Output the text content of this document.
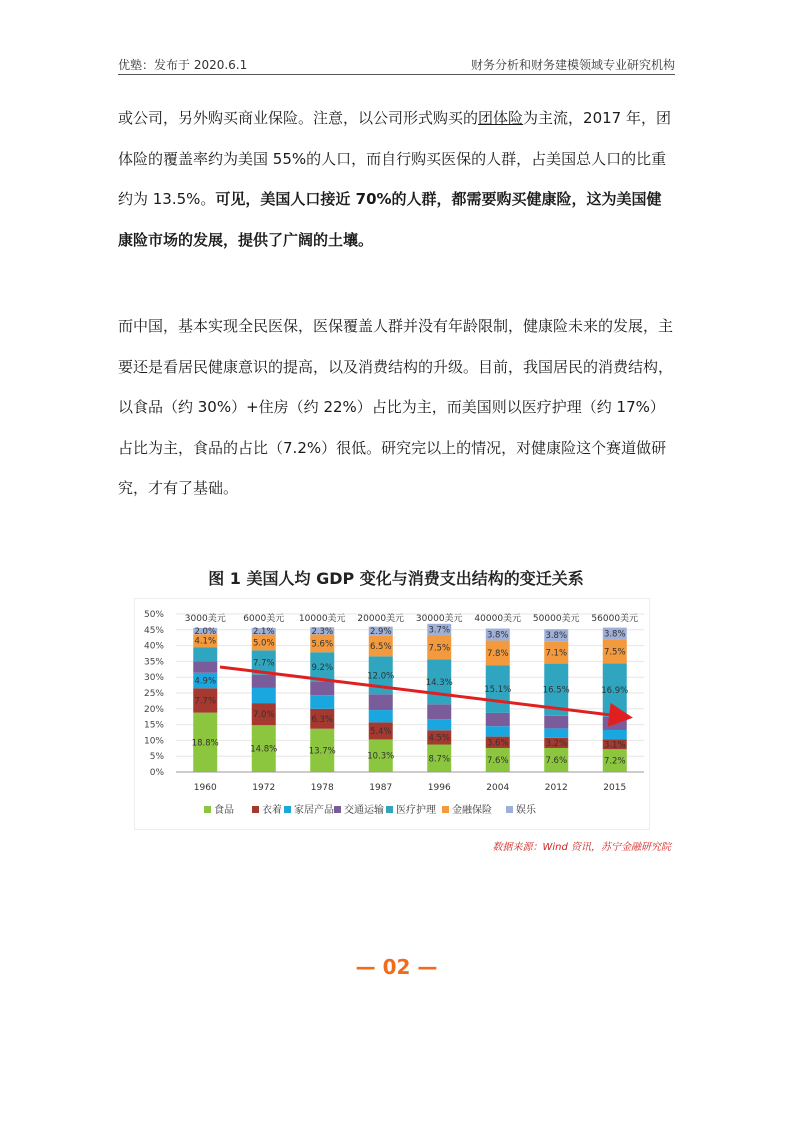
优塾：发布于 2020.6.1	财务分析和财务建模领域专业研究机构

或公司，另外购买商业保险。注意，以公司形式购买的团体险为主流，2017 年，团体险的覆盖率约为美国 55%的人口，而自行购买医保的人群，占美国总人口的比重约为 13.5%。可见，美国人口接近 70%的人群，都需要购买健康险，这为美国健康险市场的发展，提供了广阔的土壤。

而中国，基本实现全民医保，医保覆盖人群并没有年龄限制，健康险未来的发展，主要还是看居民健康意识的提高，以及消费结构的升级。目前，我国居民的消费结构，以食品（约 30%）+住房（约 22%）占比为主，而美国则以医疗护理（约 17%）占比为主，食品的占比（7.2%）很低。研究完以上的情况，对健康险这个赛道做研究，才有了基础。

图 1 美国人均 GDP 变化与消费支出结构的变迁关系
18.8%
7.7%
4.9%
4.1%
2.0%
14.8%
7.0%
7.7%
5.0%
2.1%
13.7%
6.3%
9.2%
5.6%
2.3%
10.3%
5.4%
12.0%
6.5%
2.9%
8.7%
4.5%
14.3%
7.5%
3.7%
7.6%
3.6%
15.1%
7.8%
3.8%
7.6%
3.2%
16.5%
7.1%
3.8%
7.2%
3.1%
16.9%
7.5%
3.8%
0%
5%
10%
15%
20%
25%
30%
35%
40%
45%
50% 3000美元
1960
6000美元
1972
10000美元
1978
20000美元
1987
30000美元
1996
40000美元
2004
50000美元
2012
56000美元
2015
食品	衣着 家居产品 交通运输 医疗护理 金融保险 娱乐
数据来源：Wind 资讯，苏宁金融研究院
— 02 —
